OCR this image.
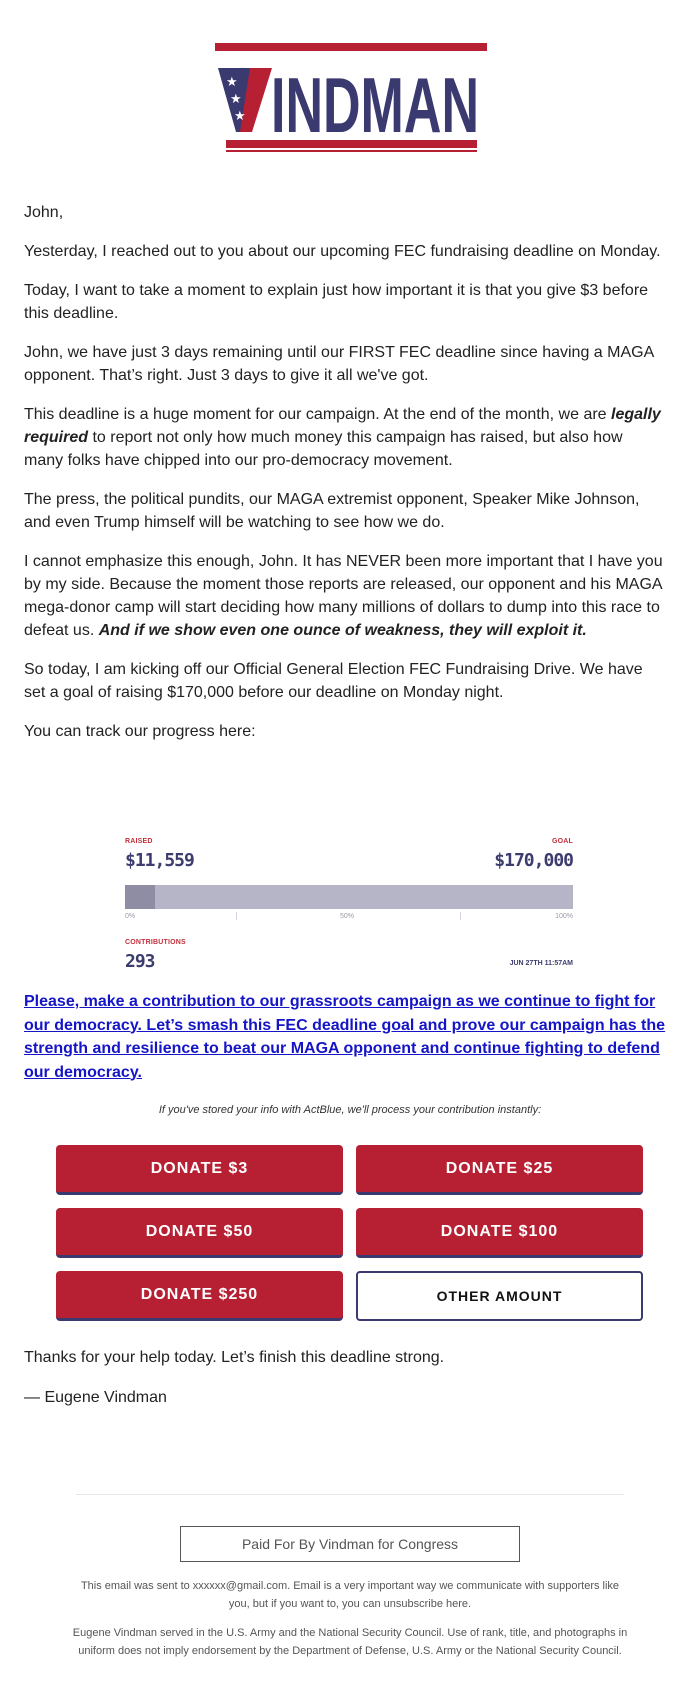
★
★
★ INDMAN

John,

Yesterday, I reached out to you about our upcoming FEC fundraising deadline on Monday.

Today, I want to take a moment to explain just how important it is that you give $3 before this deadline.

John, we have just 3 days remaining until our FIRST FEC deadline since having a MAGA opponent. That’s right. Just 3 days to give it all we've got.

This deadline is a huge moment for our campaign. At the end of the month, we are legally required to report not only how much money this campaign has raised, but also how many folks have chipped into our pro-democracy movement.

The press, the political pundits, our MAGA extremist opponent, Speaker Mike Johnson, and even Trump himself will be watching to see how we do.

I cannot emphasize this enough, John. It has NEVER been more important that I have you by my side. Because the moment those reports are released, our opponent and his MAGA mega-donor camp will start deciding how many millions of dollars to dump into this race to defeat us. And if we show even one ounce of weakness, they will exploit it.

So today, I am kicking off our Official General Election FEC Fundraising Drive. We have set a goal of raising $170,000 before our deadline on Monday night.

You can track our progress here:

RAISED
$11,559
GOAL
$170,000
0%	50%	100%
CONTRIBUTIONS
293	JUN 27TH 11:57AM
Please, make a contribution to our grassroots campaign as we continue to fight for our democracy. Let’s smash this FEC deadline goal and prove our campaign has the strength and resilience to beat our MAGA opponent and continue fighting to defend our democracy.
If you've stored your info with ActBlue, we'll process your contribution instantly:
DONATE $3	DONATE $25
DONATE $50	DONATE $100
DONATE $250	OTHER AMOUNT
Thanks for your help today. Let’s finish this deadline strong.
— Eugene Vindman
Paid For By Vindman for Congress
This email was sent to xxxxxx@gmail.com. Email is a very important way we communicate with supporters like you, but if you want to, you can unsubscribe here.
Eugene Vindman served in the U.S. Army and the National Security Council. Use of rank, title, and photographs in uniform does not imply endorsement by the Department of Defense, U.S. Army or the National Security Council.
